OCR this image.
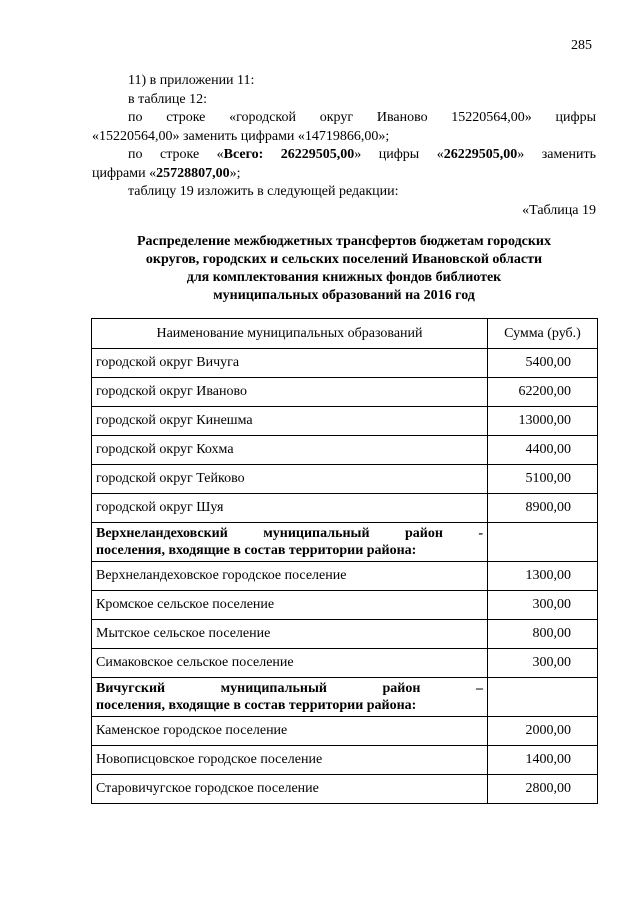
285

11) в приложении 11:

в таблице 12:

по строке «городской округ Иваново 15220564,00» цифры

«15220564,00» заменить цифрами «14719866,00»;

по строке «Всего: 26229505,00» цифры «26229505,00» заменить

цифрами «25728807,00»;

таблицу 19 изложить в следующей редакции:

«Таблица 19

Распределение межбюджетных трансфертов бюджетам городских
округов, городских и сельских поселений Ивановской области
для комплектования книжных фондов библиотек
муниципальных образований на 2016 год
Наименование муниципальных образований	Сумма (руб.)
городской округ Вичуга	5400,00
городской округ Иваново	62200,00
городской округ Кинешма	13000,00
городской округ Кохма	4400,00
городской округ Тейково	5100,00
городской округ Шуя	8900,00

Верхнеландеховский муниципальный район -
поселения, входящие в состав территории района:	

Верхнеландеховское городское поселение	1300,00
Кромское сельское поселение	300,00
Мытское сельское поселение	800,00
Симаковское сельское поселение	300,00

Вичугский муниципальный район –
поселения, входящие в состав территории района:	

Каменское городское поселение	2000,00
Новописцовское городское поселение	1400,00
Старовичугское городское поселение	2800,00
